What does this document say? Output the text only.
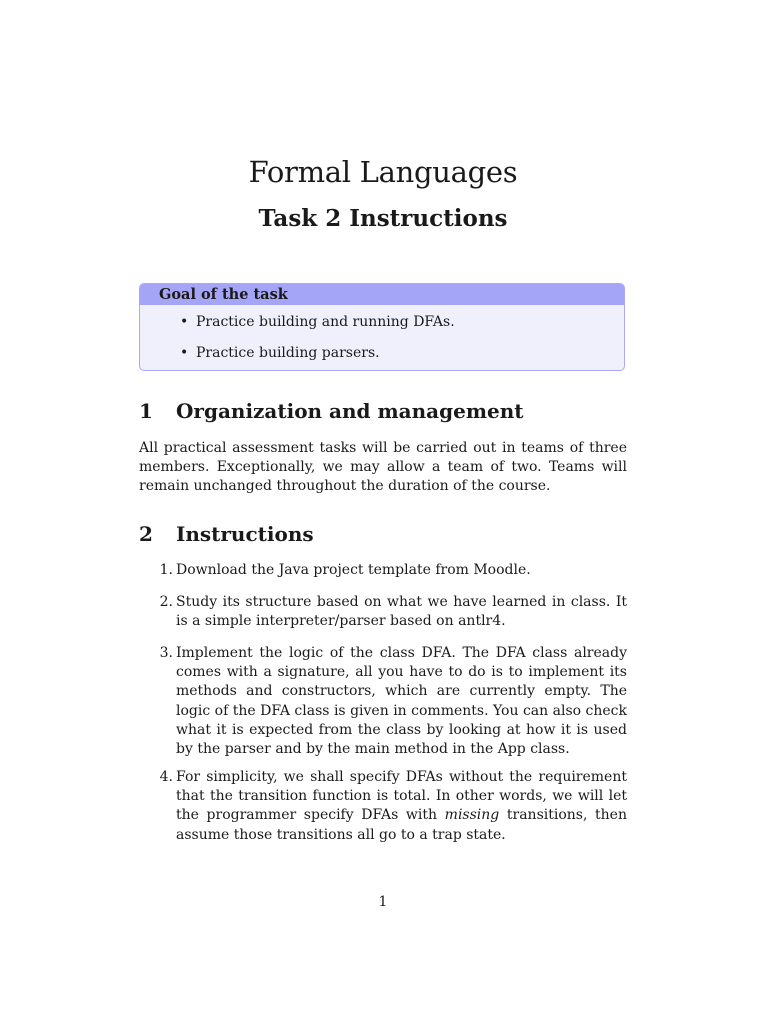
Formal Languages
Task 2 Instructions
Goal of the task
• Practice building and running DFAs.
• Practice building parsers.
1 Organization and management

All practical assessment tasks will be carried out in teams of three members. Exceptionally, we may allow a team of two. Teams will remain unchanged throughout the duration of the course.

2 Instructions
1. Download the Java project template from Moodle.
2. Study its structure based on what we have learned in class. It is a simple interpreter/parser based on antlr4.
3. Implement the logic of the class DFA. The DFA class already comes with a signature, all you have to do is to implement its methods and constructors, which are currently empty. The logic of the DFA class is given in comments. You can also check what it is expected from the class by looking at how it is used by the parser and by the main method in the App class.
4. For simplicity, we shall specify DFAs without the requirement that the transition function is total. In other words, we will let the programmer specify DFAs with missing transitions, then assume those transitions all go to a trap state.
1
